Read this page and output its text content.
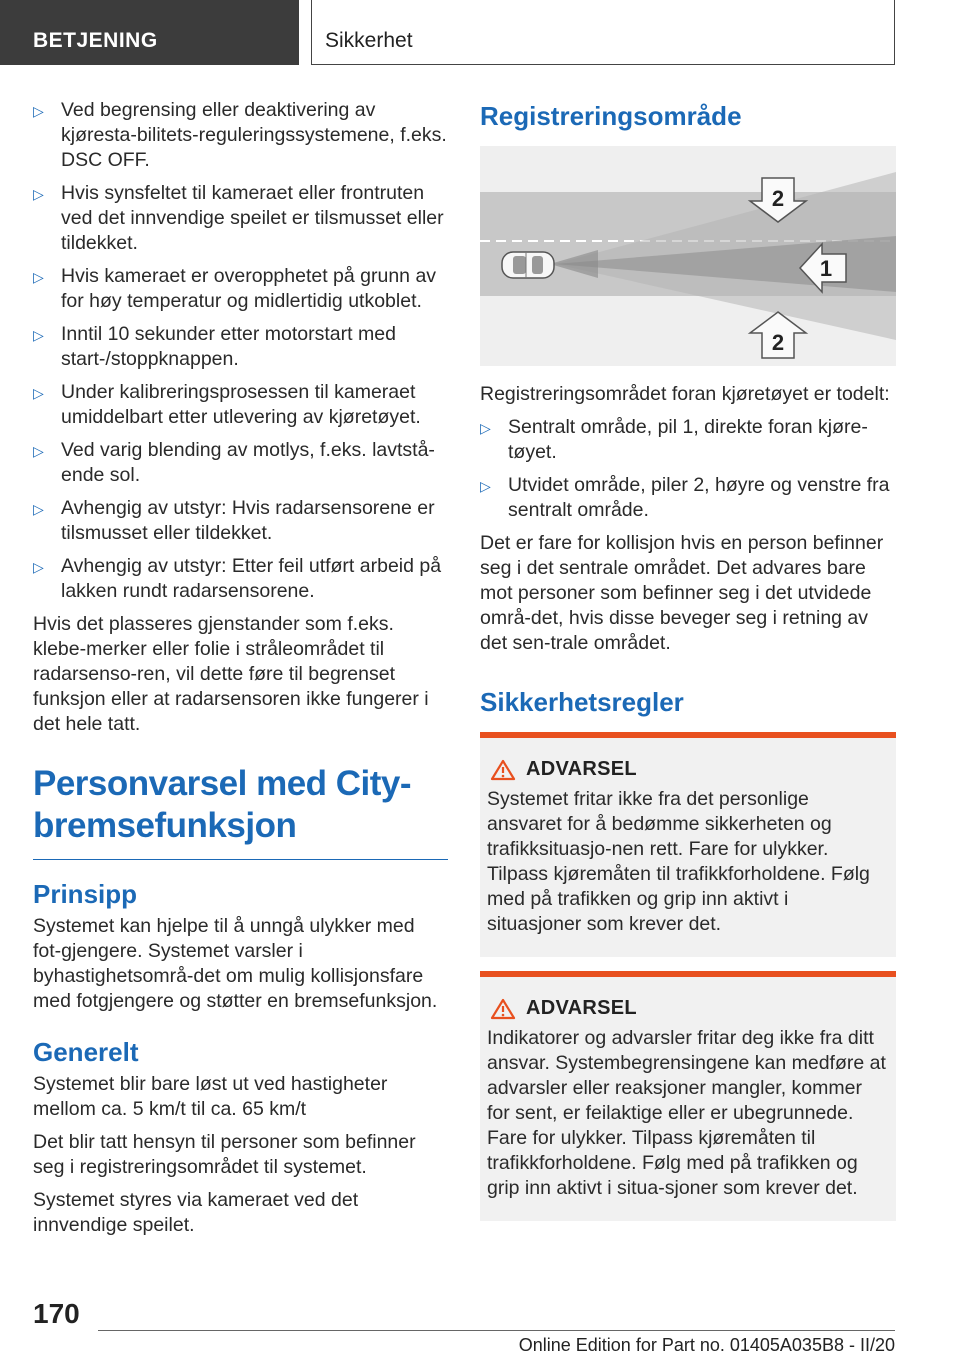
BETJENING	Sikkerhet
▷ Ved begrensing eller deaktivering av kjøresta-bilitets-reguleringssystemene, f.eks. DSC OFF.
▷ Hvis synsfeltet til kameraet eller frontruten ved det innvendige speilet er tilsmusset eller tildekket.
▷ Hvis kameraet er overopphetet på grunn av for høy temperatur og midlertidig utkoblet.
▷ Inntil 10 sekunder etter motorstart med start-/stoppknappen.
▷ Under kalibreringsprosessen til kameraet umiddelbart etter utlevering av kjøretøyet.
▷ Ved varig blending av motlys, f.eks. lavtstå-ende sol.
▷ Avhengig av utstyr: Hvis radarsensorene er tilsmusset eller tildekket.
▷ Avhengig av utstyr: Etter feil utført arbeid på lakken rundt radarsensorene.

Hvis det plasseres gjenstander som f.eks. klebe-merker eller folie i stråleområdet til radarsenso-ren, vil dette føre til begrenset funksjon eller at radarsensoren ikke fungerer i det hele tatt.

Personvarsel med City-bremsefunksjon
Prinsipp

Systemet kan hjelpe til å unngå ulykker med fot-gjengere. Systemet varsler i byhastighetsområ-det om mulig kollisjonsfare med fotgjengere og støtter en bremsefunksjon.

Generelt

Systemet blir bare løst ut ved hastigheter mellom ca. 5 km/t til ca. 65 km/t

Det blir tatt hensyn til personer som befinner seg i registreringsområdet til systemet.

Systemet styres via kameraet ved det innvendige speilet.

Registreringsområde
2
1
2

Registreringsområdet foran kjøretøyet er todelt:

▷ Sentralt område, pil 1, direkte foran kjøre-tøyet.
▷ Utvidet område, piler 2, høyre og venstre fra sentralt område.

Det er fare for kollisjon hvis en person befinner seg i det sentrale området. Det advares bare mot personer som befinner seg i det utvidede områ-det, hvis disse beveger seg i retning av det sen-trale området.

Sikkerhetsregler
ADVARSEL
Systemet fritar ikke fra det personlige ansvaret for å bedømme sikkerheten og trafikksituasjo-nen rett. Fare for ulykker. Tilpass kjøremåten til trafikkforholdene. Følg med på trafikken og grip inn aktivt i situasjoner som krever det.
ADVARSEL
Indikatorer og advarsler fritar deg ikke fra ditt ansvar. Systembegrensingene kan medføre at advarsler eller reaksjoner mangler, kommer for sent, er feilaktige eller er ubegrunnede. Fare for ulykker. Tilpass kjøremåten til trafikkforholdene. Følg med på trafikken og grip inn aktivt i situa-sjoner som krever det.
170
Online Edition for Part no. 01405A035B8 - II/20
